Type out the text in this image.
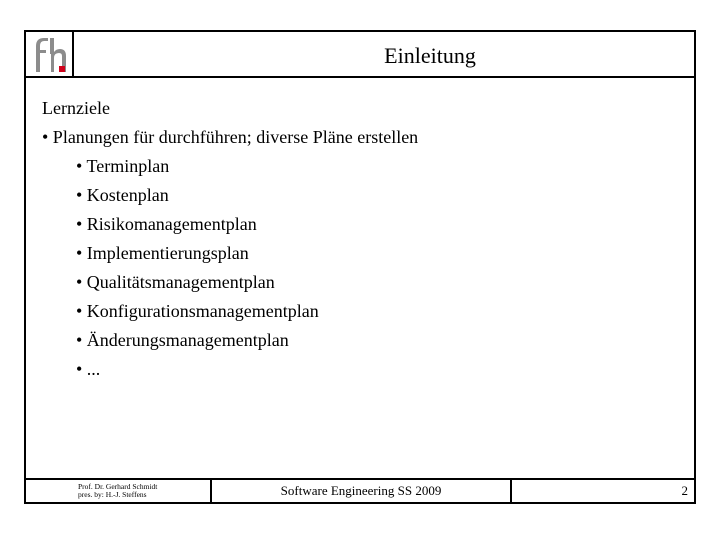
Einleitung
Lernziele
• Planungen für durchführen; diverse Pläne erstellen
• Terminplan
• Kostenplan
• Risikomanagementplan
• Implementierungsplan
• Qualitätsmanagementplan
• Konfigurationsmanagementplan
• Änderungsmanagementplan
• ...
Prof. Dr. Gerhard Schmidt
pres. by: H.-J. Steffens	Software Engineering SS 2009	2
